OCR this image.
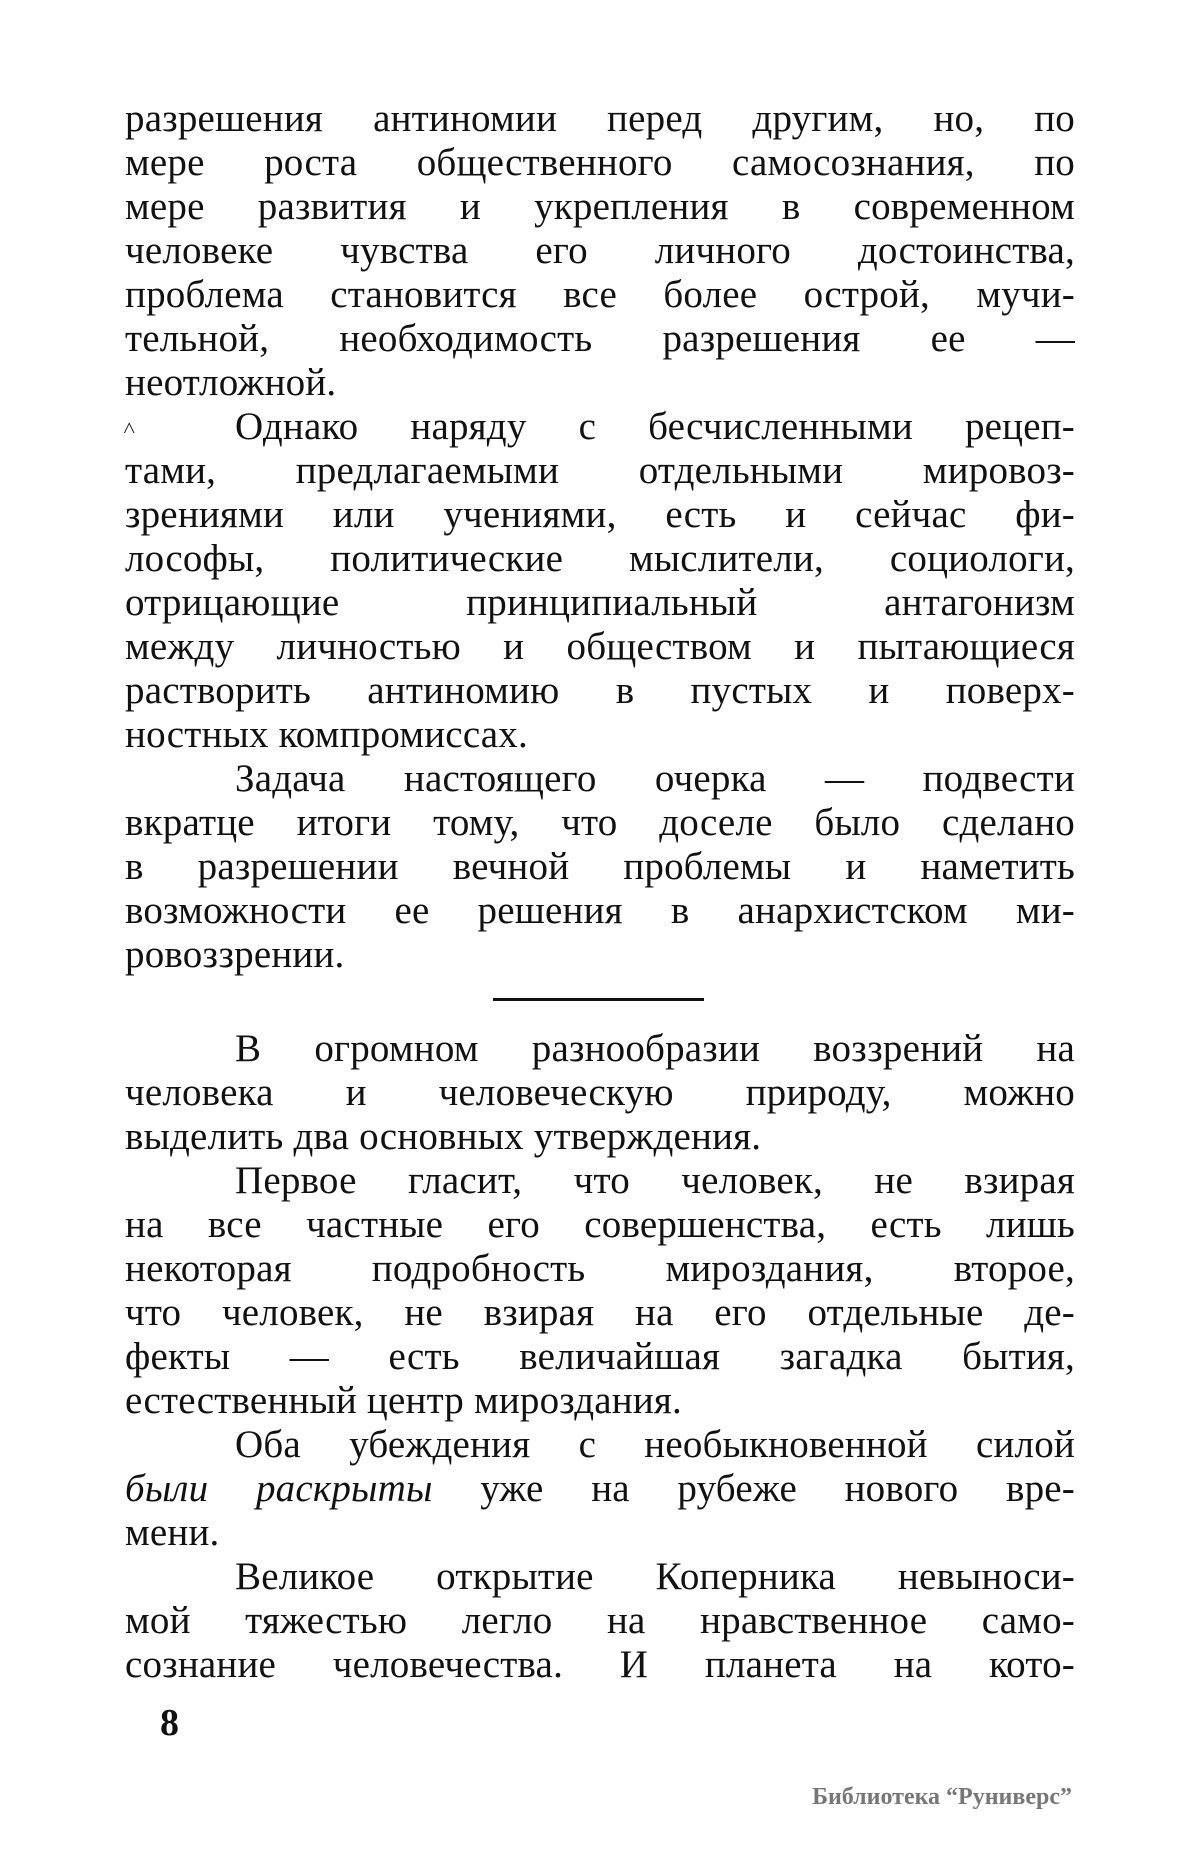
разрешения антиномии перед другим, но, по
мере роста общественного самосознания, по
мере развития и укрепления в современном
человеке чувства его личного достоинства,
проблема становится все более острой, мучи-
тельной, необходимость разрешения ее —
неотложной.
˄	Однако наряду с бесчисленными рецеп-
тами, предлагаемыми отдельными мировоз-
зрениями или учениями, есть и сейчас фи-
лософы, политические мыслители, социологи,
отрицающие принципиальный антагонизм
между личностью и обществом и пытающиеся
растворить антиномию в пустых и поверх-
ностных компромиссах.
Задача настоящего очерка — подвести
вкратце итоги тому, что доселе было сделано
в разрешении вечной проблемы и наметить
возможности ее решения в анархистском ми-
ровоззрении.
В огромном разнообразии воззрений на
человека и человеческую природу, можно
выделить два основных утверждения.
Первое гласит, что человек, не взирая
на все частные его совершенства, есть лишь
некоторая подробность мироздания, второе,
что человек, не взирая на его отдельные де-
фекты — есть величайшая загадка бытия,
естественный центр мироздания.
Оба убеждения с необыкновенной силой
были раскрыты уже на рубеже нового вре-
мени.
Великое открытие Коперника невыноси-
мой тяжестью легло на нравственное само-
сознание человечества. И планета на кото-
8
Библиотека “Руниверс”
